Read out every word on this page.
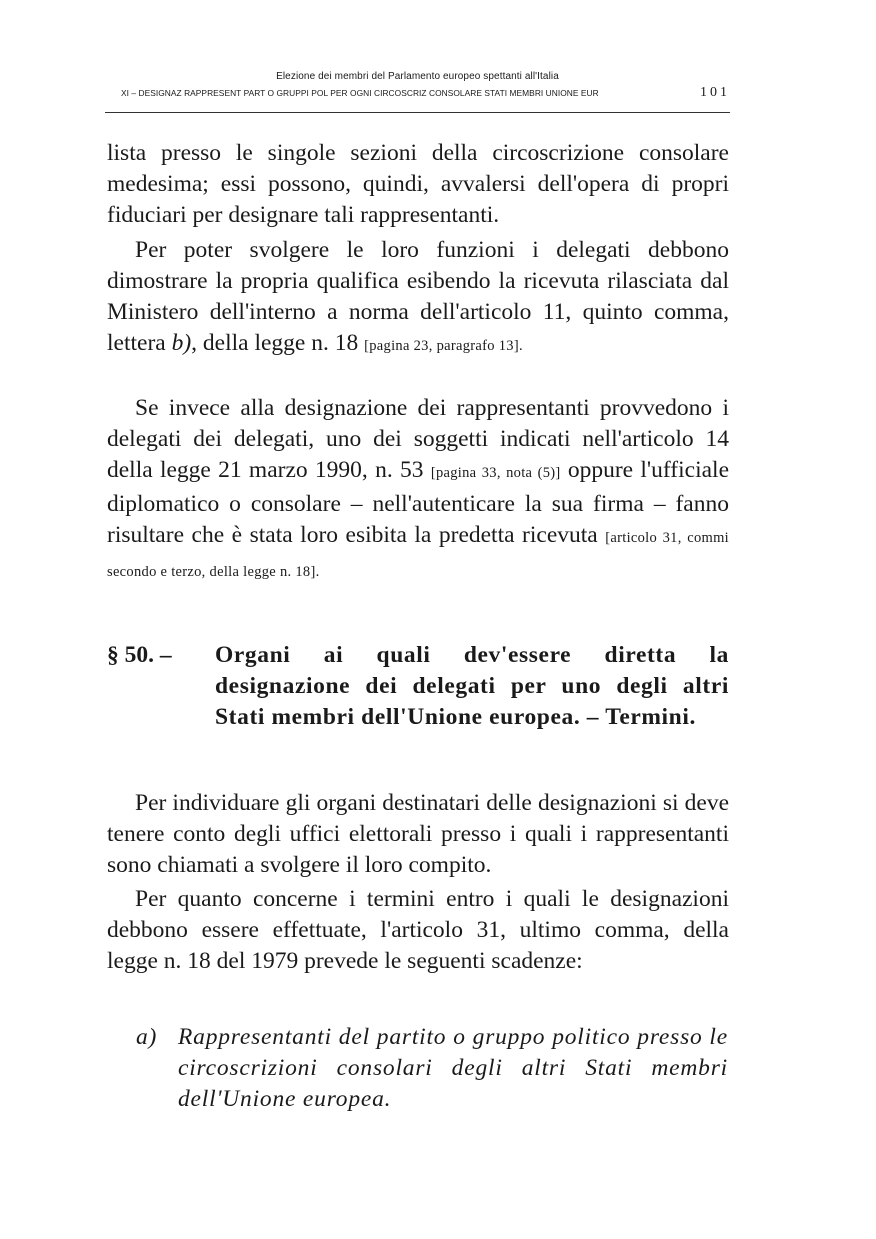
Elezione dei membri del Parlamento europeo spettanti all'Italia
XI – DESIGNAZ RAPPRESENT PART O GRUPPI POL PER OGNI CIRCOSCRIZ CONSOLARE STATI MEMBRI UNIONE EUR	101

lista presso le singole sezioni della circoscrizione consolare medesima; essi possono, quindi, avvalersi dell'opera di propri fiduciari per designare tali rappresentanti.

Per poter svolgere le loro funzioni i delegati debbono dimostrare la propria qualifica esibendo la ricevuta rilasciata dal Ministero dell'interno a norma dell'articolo 11, quinto comma, lettera b), della legge n. 18 [pagina 23, paragrafo 13].

Se invece alla designazione dei rappresentanti provvedono i delegati dei delegati, uno dei soggetti indicati nell'articolo 14 della legge 21 marzo 1990, n. 53 [pagina 33, nota (5)] oppure l'ufficiale diplomatico o consolare – nell'autenticare la sua firma – fanno risultare che è stata loro esibita la predetta ricevuta [articolo 31, commi secondo e terzo, della legge n. 18].

§ 50. – Organi ai quali dev'essere diretta la designazione dei delegati per uno degli altri Stati membri dell'Unione europea. – Termini.

Per individuare gli organi destinatari delle designazioni si deve tenere conto degli uffici elettorali presso i quali i rappresentanti sono chiamati a svolgere il loro compito.

Per quanto concerne i termini entro i quali le designazioni debbono essere effettuate, l'articolo 31, ultimo comma, della legge n. 18 del 1979 prevede le seguenti scadenze:

a) Rappresentanti del partito o gruppo politico presso le circoscrizioni consolari degli altri Stati membri dell'Unione europea.
